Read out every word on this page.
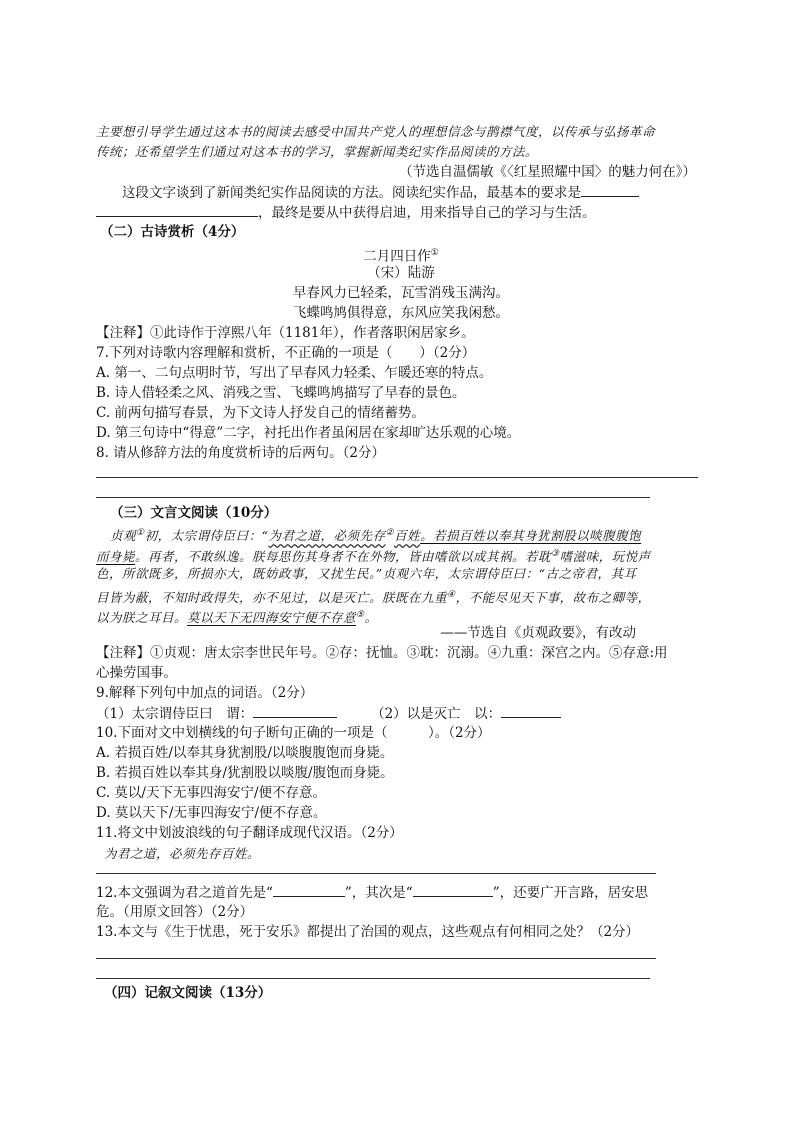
主要想引导学生通过这本书的阅读去感受中国共产党人的理想信念与鹊襟气度，以传承与弘扬革命
传统；还希望学生们通过对这本书的学习，掌握新闻类纪实作品阅读的方法。
（节选自温儒敏《〈红星照耀中国〉的魅力何在》）
这段文字谈到了新闻类纪实作品阅读的方法。阅读纪实作品，最基本的要求是
，最终是要从中获得启迪，用来指导自己的学习与生活。
（二）古诗赏析（4分）
二月四日作①
（宋）陆游
早春风力已轻柔，瓦雪消残玉满沟。
飞蝶鸣鸠俱得意，东风应笑我闲愁。
【注释】①此诗作于淳熙八年（1181年），作者落职闲居家乡。
7.下列对诗歌内容理解和赏析，不正确的一项是（　　）（2分）
A. 第一、二句点明时节，写出了早春风力轻柔、乍暖还寒的特点。
B. 诗人借轻柔之风、消残之雪、飞蝶鸣鸠描写了早春的景色。
C. 前两句描写春景，为下文诗人抒发自己的情绪蓄势。
D. 第三句诗中“得意”二字，衬托出作者虽闲居在家却旷达乐观的心境。
8. 请从修辞方法的角度赏析诗的后两句。（2分）
（三）文言文阅读（10分）
贞观①初，太宗谓侍臣曰：“为君之道，必须先存②百姓。若损百姓以奉其身犹割股以啖腹腹饱
而身毙。再者，不敢纵逸。朕每思伤其身者不在外物，皆由嗜欲以成其祸。若耽③嗜滋味，玩悦声
色，所欲既多，所损亦大，既妨政事，又扰生民。”贞观六年，太宗谓侍臣曰：“古之帝君，其耳
目皆为蔽，不知时政得失，亦不见过，以是灭亡。朕既在九重④，不能尽见天下事，故布之卿等，
以为朕之耳目。莫以天下无四海安宁便不存意⑤。
——节选自《贞观政要》，有改动
【注释】①贞观：唐太宗李世民年号。②存：抚恤。③耽：沉溺。④九重：深宫之内。⑤存意:用
心操劳国事。
9.解释下列句中加点的词语。（2分）
（1）太宗谓侍臣曰　谓：	（2）以是灭亡　以：
10.下面对文中划横线的句子断句正确的一项是（　　　）。（2分）
A. 若损百姓/以奉其身犹割股/以啖腹腹饱而身毙。
B. 若损百姓以奉其身/犹割股以啖腹/腹饱而身毙。
C. 莫以/天下无事四海安宁/便不存意。
D. 莫以天下/无事四海安宁/便不存意。
11.将文中划波浪线的句子翻译成现代汉语。（2分）
为君之道，必须先存百姓。
12.本文强调为君之道首先是“	”，其次是“	”，还要广开言路，居安思
危。（用原文回答）（2分）
13.本文与《生于忧患，死于安乐》都提出了治国的观点，这些观点有何相同之处？（2分）
（四）记叙文阅读（13分）
